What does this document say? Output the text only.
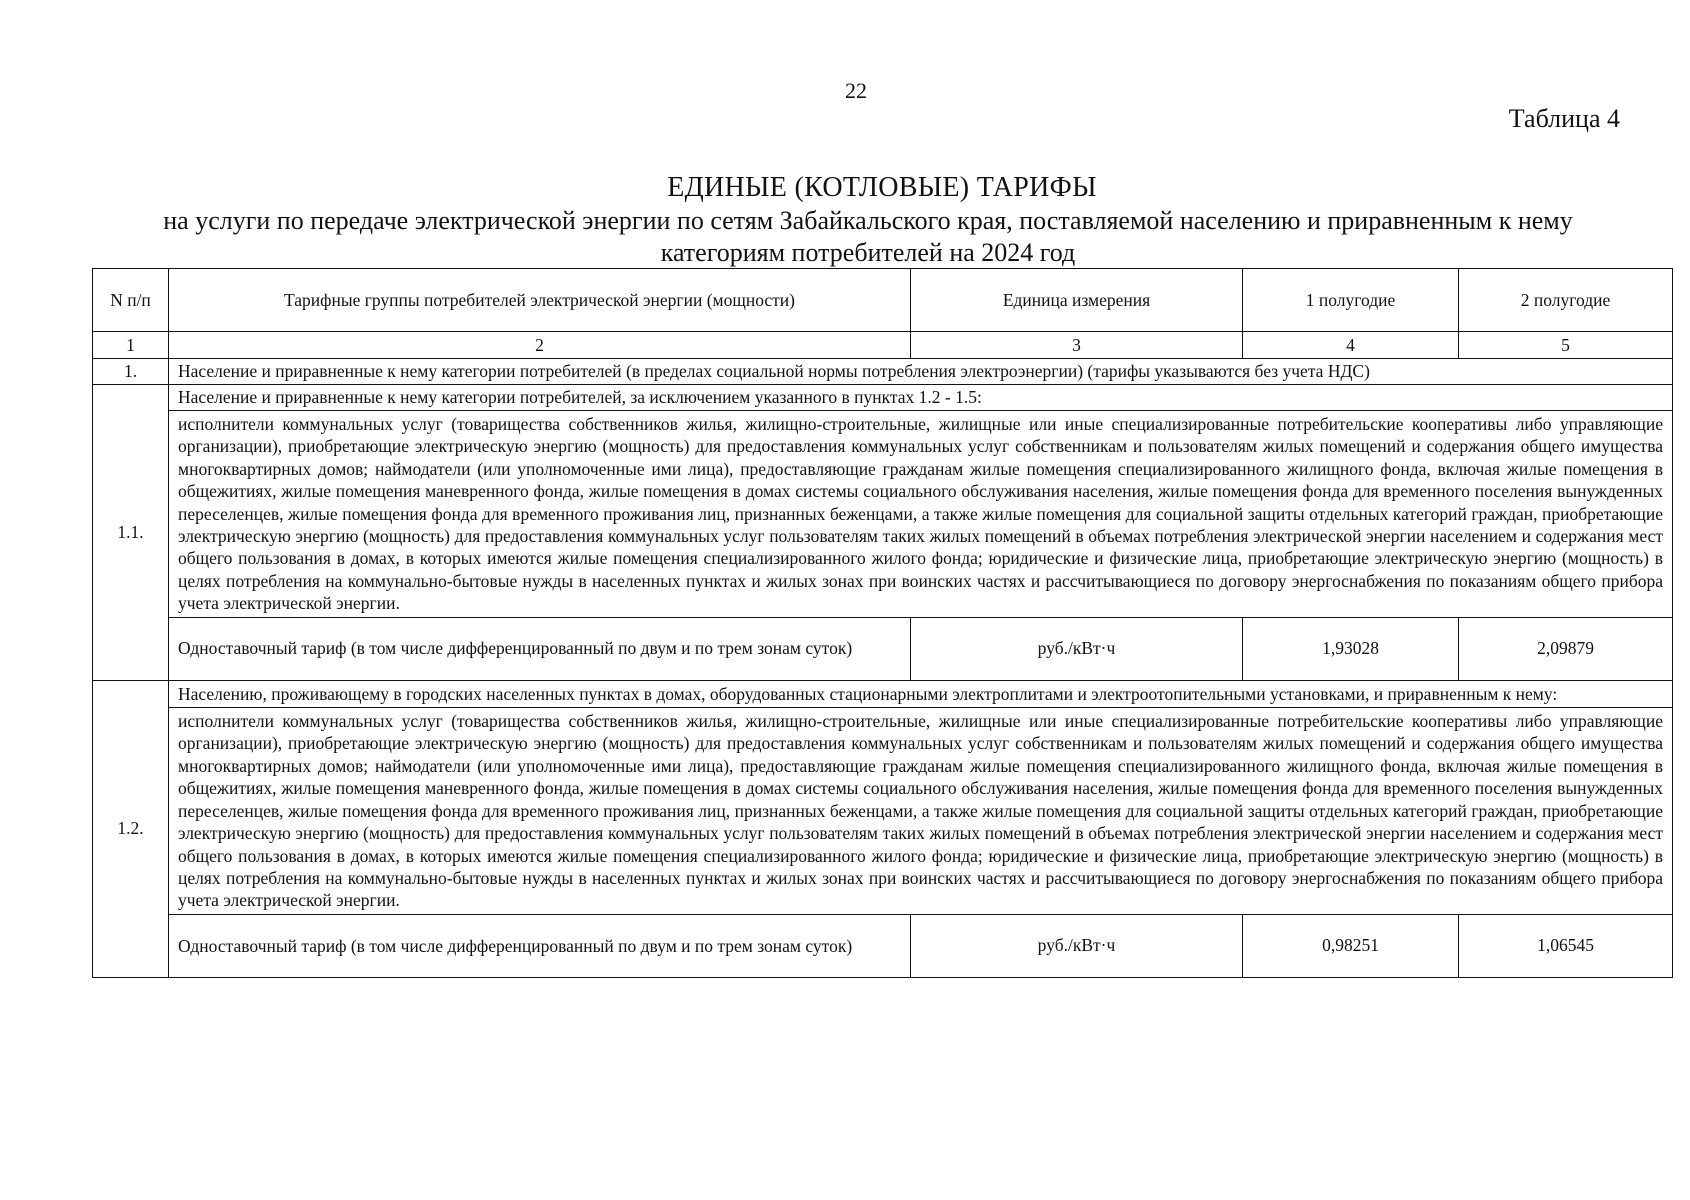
22
Таблица 4
ЕДИНЫЕ (КОТЛОВЫЕ) ТАРИФЫ
на услуги по передаче электрической энергии по сетям Забайкальского края, поставляемой населению и приравненным к нему категориям потребителей на 2024 год
N п/п	Тарифные группы потребителей электрической энергии (мощности)	Единица измерения	1 полугодие	2 полугодие
1	2	3	4	5
1.	Население и приравненные к нему категории потребителей (в пределах социальной нормы потребления электроэнергии) (тарифы указываются без учета НДС)			
1.1.	Население и приравненные к нему категории потребителей, за исключением указанного в пунктах 1.2 - 1.5:			
	исполнители коммунальных услуг (товарищества собственников жилья, жилищно-строительные, жилищные или иные специализированные потребительские кооперативы либо управляющие организации), приобретающие электрическую энергию (мощность) для предоставления коммунальных услуг собственникам и пользователям жилых помещений и содержания общего имущества многоквартирных домов; наймодатели (или уполномоченные ими лица), предоставляющие гражданам жилые помещения специализированного жилищного фонда, включая жилые помещения в общежитиях, жилые помещения маневренного фонда, жилые помещения в домах системы социального обслуживания населения, жилые помещения фонда для временного поселения вынужденных переселенцев, жилые помещения фонда для временного проживания лиц, признанных беженцами, а также жилые помещения для социальной защиты отдельных категорий граждан, приобретающие электрическую энергию (мощность) для предоставления коммунальных услуг пользователям таких жилых помещений в объемах потребления электрической энергии населением и содержания мест общего пользования в домах, в которых имеются жилые помещения специализированного жилого фонда; юридические и физические лица, приобретающие электрическую энергию (мощность) в целях потребления на коммунально-бытовые нужды в населенных пунктах и жилых зонах при воинских частях и рассчитывающиеся по договору энергоснабжения по показаниям общего прибора учета электрической энергии.			
	Одноставочный тариф (в том числе дифференцированный по двум и по трем зонам суток)	руб./кВт·ч	1,93028	2,09879
1.2.	Населению, проживающему в городских населенных пунктах в домах, оборудованных стационарными электроплитами и электроотопительными установками, и приравненным к нему:			
	исполнители коммунальных услуг (товарищества собственников жилья, жилищно-строительные, жилищные или иные специализированные потребительские кооперативы либо управляющие организации), приобретающие электрическую энергию (мощность) для предоставления коммунальных услуг собственникам и пользователям жилых помещений и содержания общего имущества многоквартирных домов; наймодатели (или уполномоченные ими лица), предоставляющие гражданам жилые помещения специализированного жилищного фонда, включая жилые помещения в общежитиях, жилые помещения маневренного фонда, жилые помещения в домах системы социального обслуживания населения, жилые помещения фонда для временного поселения вынужденных переселенцев, жилые помещения фонда для временного проживания лиц, признанных беженцами, а также жилые помещения для социальной защиты отдельных категорий граждан, приобретающие электрическую энергию (мощность) для предоставления коммунальных услуг пользователям таких жилых помещений в объемах потребления электрической энергии населением и содержания мест общего пользования в домах, в которых имеются жилые помещения специализированного жилого фонда; юридические и физические лица, приобретающие электрическую энергию (мощность) в целях потребления на коммунально-бытовые нужды в населенных пунктах и жилых зонах при воинских частях и рассчитывающиеся по договору энергоснабжения по показаниям общего прибора учета электрической энергии.			
	Одноставочный тариф (в том числе дифференцированный по двум и по трем зонам суток)	руб./кВт·ч	0,98251	1,06545
